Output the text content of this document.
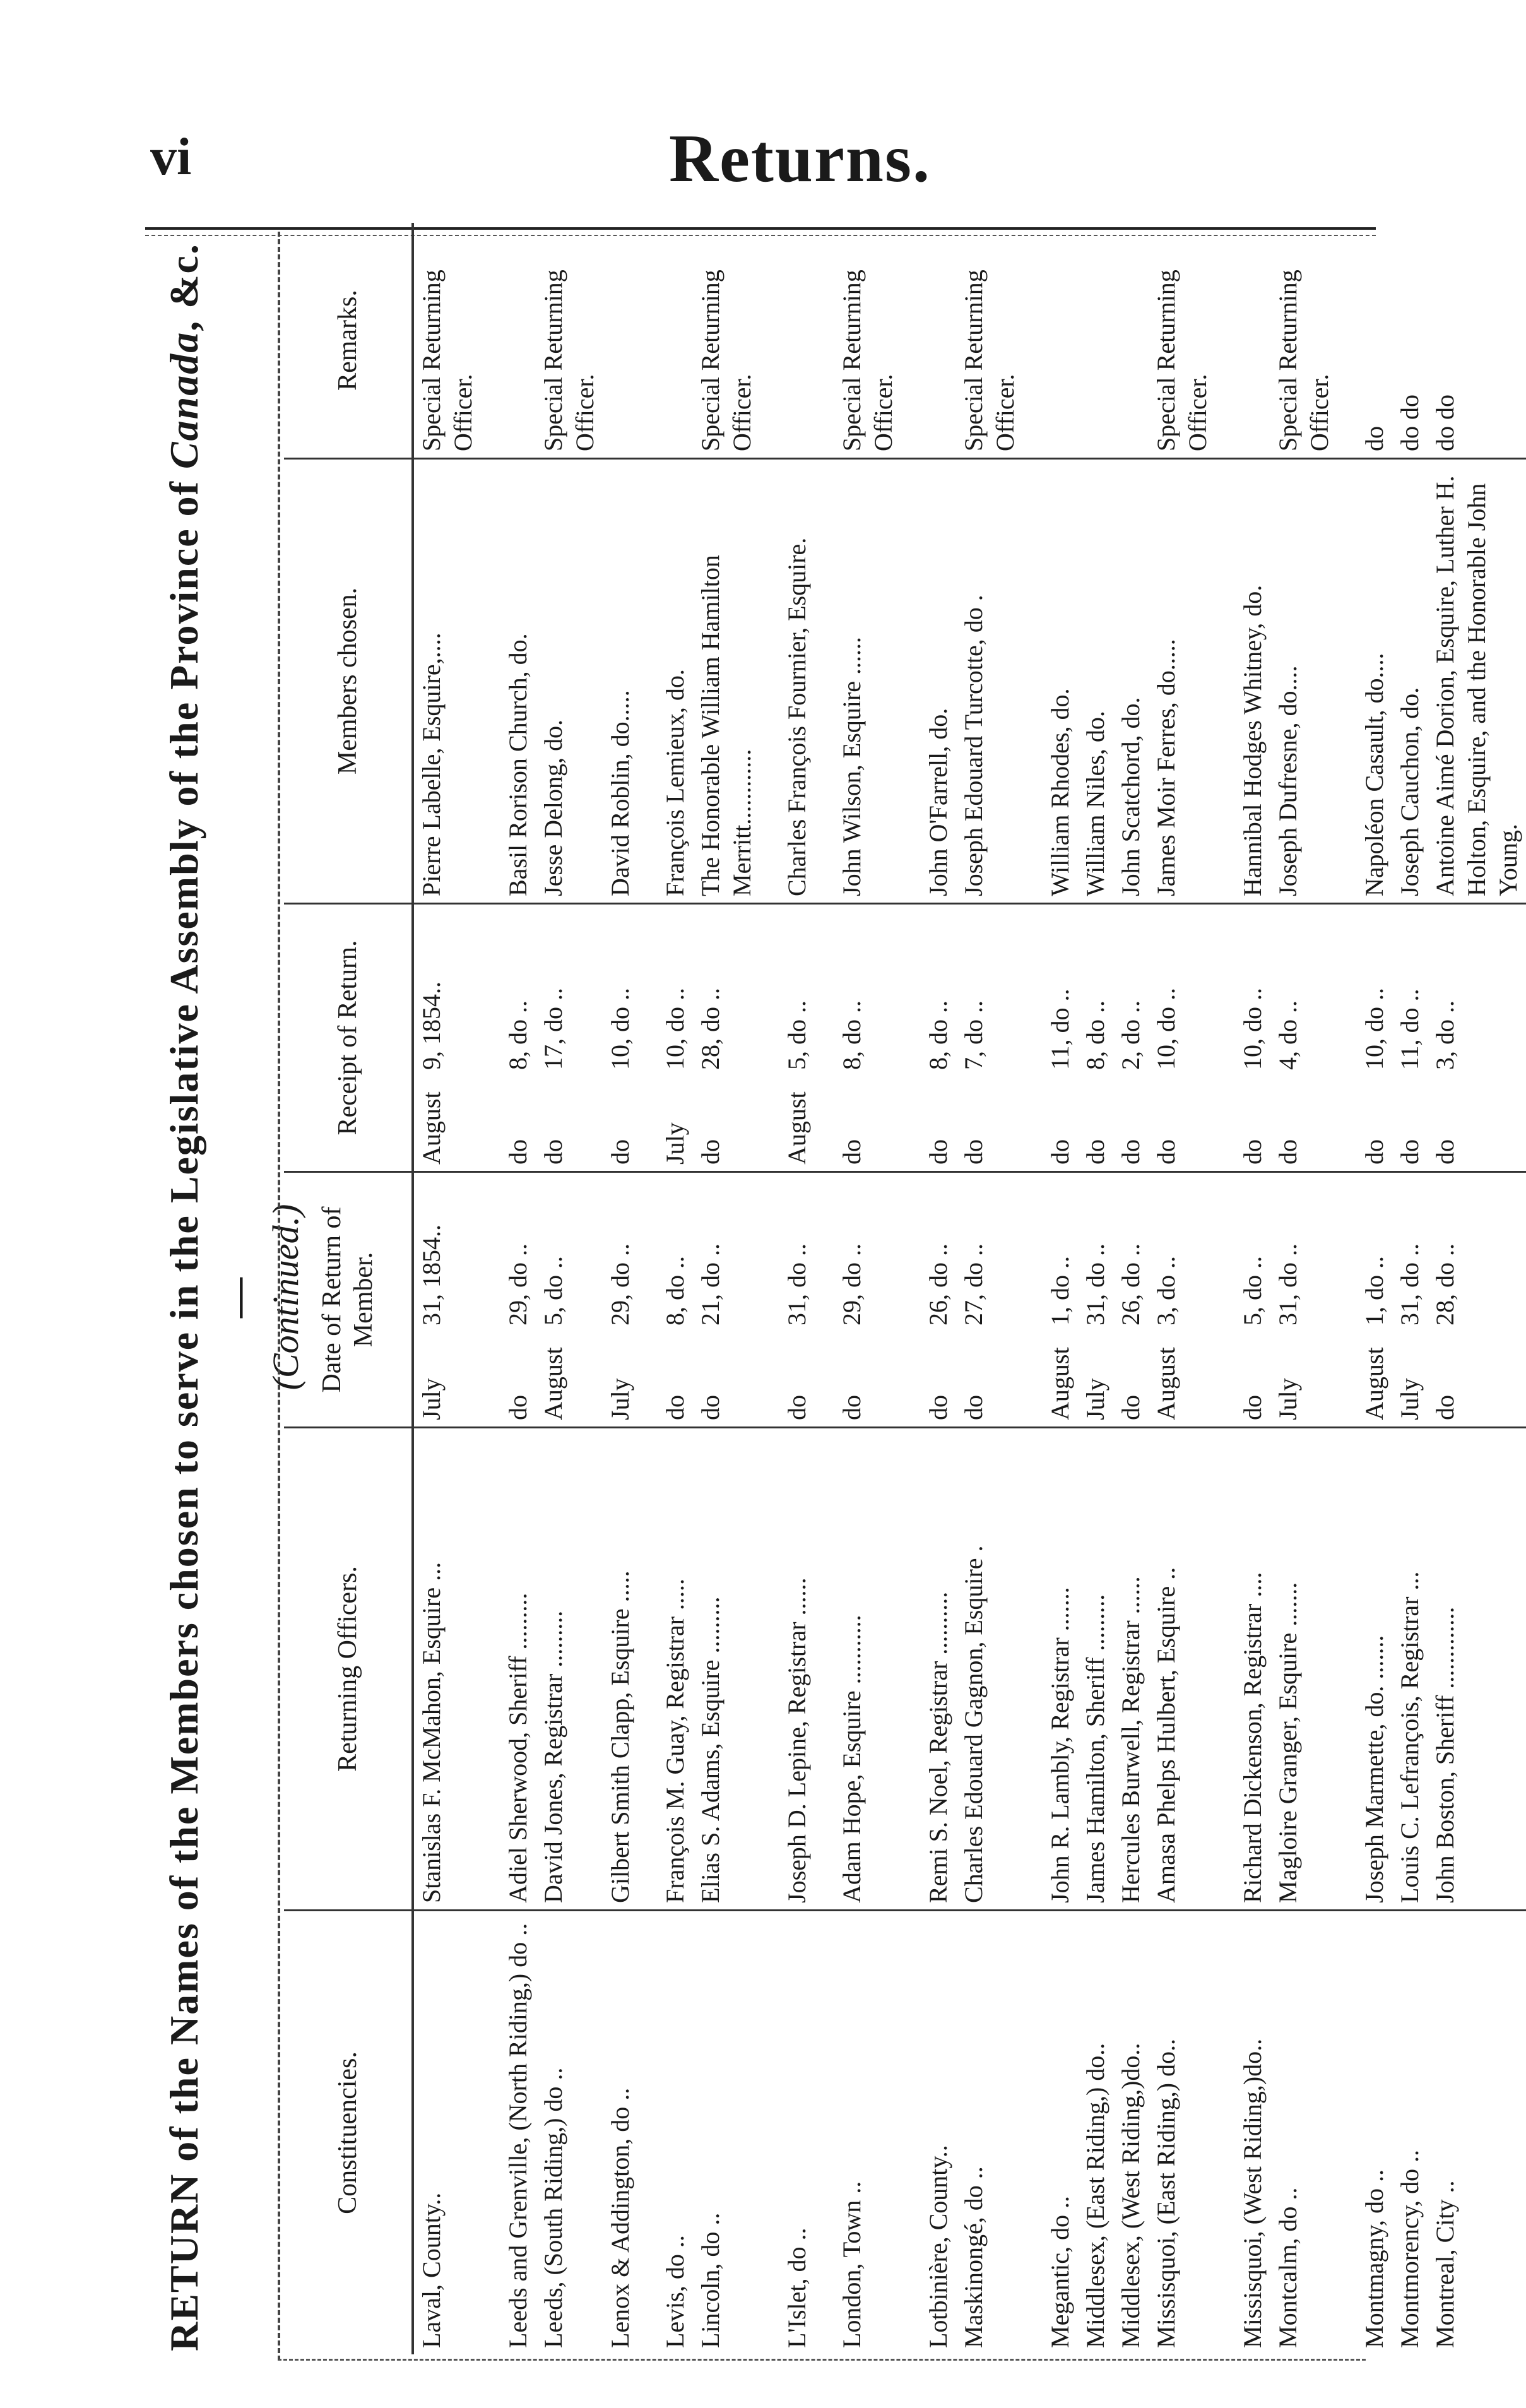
vi	Returns.
RETURN of the Names of the Members chosen to serve in the Legislative Assembly of the Province of Canada, &c.— (Continued.)
Constituencies.	Returning Officers.	Date of Return of Member.	Receipt of Return.	Members chosen.	Remarks.
Laval, County..	Stanislas F. McMahon, Esquire ...	July31, 1854..	August9, 1854..	Pierre Labelle, Esquire,....	Special Returning Officer.
Leeds and Grenville, (North Riding,) do ..	Adiel Sherwood, Sheriff .........	do29, do ..	do8, do ..	Basil Rorison Church, do.	
Leeds, (South Riding,) do ..	David Jones, Registrar .........	August5, do ..	do17, do ..	Jesse Delong, do.	Special Returning Officer.
Lenox & Addington, do ..	Gilbert Smith Clapp, Esquire .....	July29, do ..	do10, do ..	David Roblin, do.....	
Levis, do ..	François M. Guay, Registrar .....	do8, do ..	July10, do ..	François Lemieux, do.	
Lincoln, do ..	Elias S. Adams, Esquire .........	do21, do ..	do28, do ..	The Honorable William Hamilton Merritt............	Special Returning Officer.
L'Islet, do ..	Joseph D. Lepine, Registrar ......	do31, do ..	August5, do ..	Charles François Fournier, Esquire.	
London, Town ..	Adam Hope, Esquire ...........	do29, do ..	do8, do ..	John Wilson, Esquire ......	Special Returning Officer.
Lotbinière, County..	Remi S. Noel, Registrar ..........	do26, do ..	do8, do ..	John O'Farrell, do.	
Maskinongé, do ..	Charles Edouard Gagnon, Esquire .	do27, do ..	do7, do ..	Joseph Edouard Turcotte, do .	Special Returning Officer.
Megantic, do ..	John R. Lambly, Registrar .......	August1, do ..	do11, do ..	William Rhodes, do.	
Middlesex, (East Riding,) do..	James Hamilton, Sheriff .........	July31, do ..	do8, do ..	William Niles, do.	
Middlesex, (West Riding,)do..	Hercules Burwell, Registrar ......	do26, do ..	do2, do ..	John Scatchord, do.	
Missisquoi, (East Riding,) do..	Amasa Phelps Hulbert, Esquire ..	August3, do ..	do10, do ..	James Moir Ferres, do.....	Special Returning Officer.
Missisquoi, (West Riding,)do..	Richard Dickenson, Registrar ....	do5, do ..	do10, do ..	Hannibal Hodges Whitney, do.	
Montcalm, do ..	Magloire Granger, Esquire .......	July31, do ..	do4, do ..	Joseph Dufresne, do....	Special Returning Officer.
Montmagny, do ..	Joseph Marmette, do. .......	August1, do ..	do10, do ..	Napoléon Casault, do....	do
Montmorency, do ..	Louis C. Lefrançois, Registrar ...	July31, do ..	do11, do ..	Joseph Cauchon, do.	do do
Montreal, City ..	John Boston, Sheriff .............	do28, do ..	do3, do ..	Antoine Aimé Dorion, Esquire, Luther H. Holton, Esquire, and the Honorable John Young.	do do
